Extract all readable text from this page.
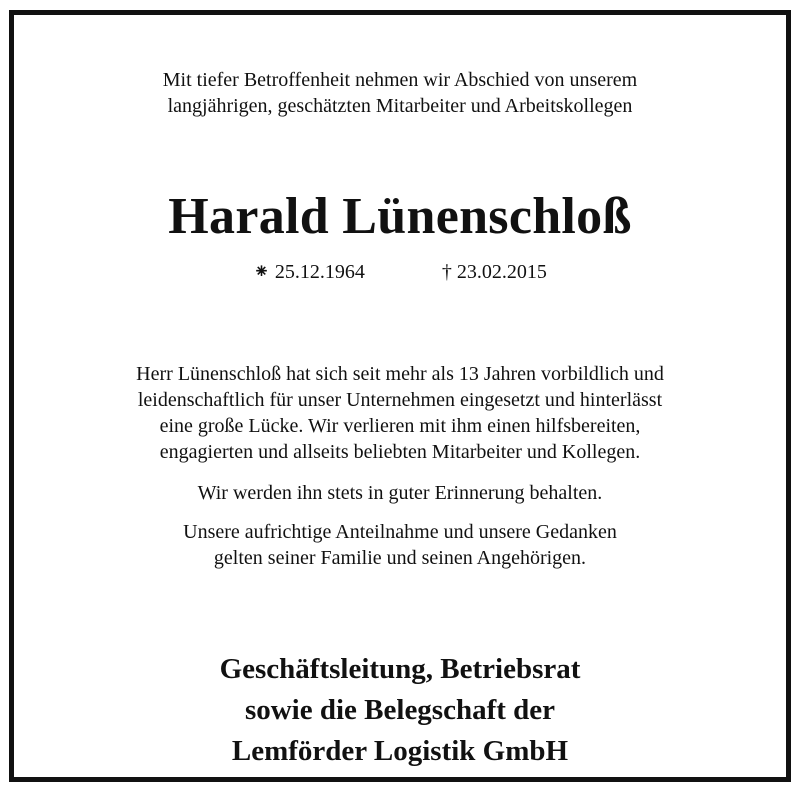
Mit tiefer Betroffenheit nehmen wir Abschied von unserem
langjährigen, geschätzten Mitarbeiter und Arbeitskollegen
Harald Lünenschloß
⁕ 25.12.1964	† 23.02.2015
Herr Lünenschloß hat sich seit mehr als 13 Jahren vorbildlich und
leidenschaftlich für unser Unternehmen eingesetzt und hinterlässt
eine große Lücke. Wir verlieren mit ihm einen hilfsbereiten,
engagierten und allseits beliebten Mitarbeiter und Kollegen.
Wir werden ihn stets in guter Erinnerung behalten.
Unsere aufrichtige Anteilnahme und unsere Gedanken
gelten seiner Familie und seinen Angehörigen.
Geschäftsleitung, Betriebsrat
sowie die Belegschaft der
Lemförder Logistik GmbH
